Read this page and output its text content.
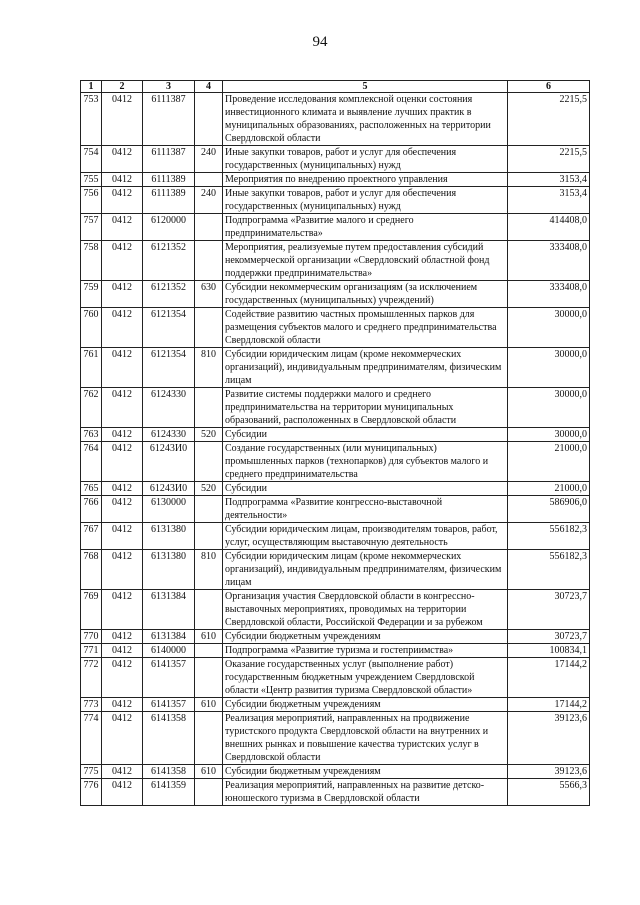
94
1	2	3	4	5	6
753	0412	6111387		Проведение исследования комплексной оценки состояния инвестиционного климата и выявление лучших практик в муниципальных образованиях, расположенных на территории Свердловской области	2215,5
754	0412	6111387	240	Иные закупки товаров, работ и услуг для обеспечения государственных (муниципальных) нужд	2215,5
755	0412	6111389		Мероприятия по внедрению проектного управления	3153,4
756	0412	6111389	240	Иные закупки товаров, работ и услуг для обеспечения государственных (муниципальных) нужд	3153,4
757	0412	6120000		Подпрограмма «Развитие малого и среднего предпринимательства»	414408,0
758	0412	6121352		Мероприятия, реализуемые путем предоставления субсидий некоммерческой организации «Свердловский областной фонд поддержки предпринимательства»	333408,0
759	0412	6121352	630	Субсидии некоммерческим организациям (за исключением государственных (муниципальных) учреждений)	333408,0
760	0412	6121354		Содействие развитию частных промышленных парков для размещения субъектов малого и среднего предпринимательства Свердловской области	30000,0
761	0412	6121354	810	Субсидии юридическим лицам (кроме некоммерческих организаций), индивидуальным предпринимателям, физическим лицам	30000,0
762	0412	6124330		Развитие системы поддержки малого и среднего предпринимательства на территории муниципальных образований, расположенных в Свердловской области	30000,0
763	0412	6124330	520	Субсидии	30000,0
764	0412	61243И0		Создание государственных (или муниципальных) промышленных парков (технопарков) для субъектов малого и среднего предпринимательства	21000,0
765	0412	61243И0	520	Субсидии	21000,0
766	0412	6130000		Подпрограмма «Развитие конгрессно-выставочной деятельности»	586906,0
767	0412	6131380		Субсидии юридическим лицам, производителям товаров, работ, услуг, осуществляющим выставочную деятельность	556182,3
768	0412	6131380	810	Субсидии юридическим лицам (кроме некоммерческих организаций), индивидуальным предпринимателям, физическим лицам	556182,3
769	0412	6131384		Организация участия Свердловской области в конгрессно-выставочных мероприятиях, проводимых на территории Свердловской области, Российской Федерации и за рубежом	30723,7
770	0412	6131384	610	Субсидии бюджетным учреждениям	30723,7
771	0412	6140000		Подпрограмма «Развитие туризма и гостеприимства»	100834,1
772	0412	6141357		Оказание государственных услуг (выполнение работ) государственным бюджетным учреждением Свердловской области «Центр развития туризма Свердловской области»	17144,2
773	0412	6141357	610	Субсидии бюджетным учреждениям	17144,2
774	0412	6141358		Реализация мероприятий, направленных на продвижение туристского продукта Свердловской области на внутренних и внешних рынках и повышение качества туристских услуг в Свердловской области	39123,6
775	0412	6141358	610	Субсидии бюджетным учреждениям	39123,6
776	0412	6141359		Реализация мероприятий, направленных на развитие детско-юношеского туризма в Свердловской области	5566,3
